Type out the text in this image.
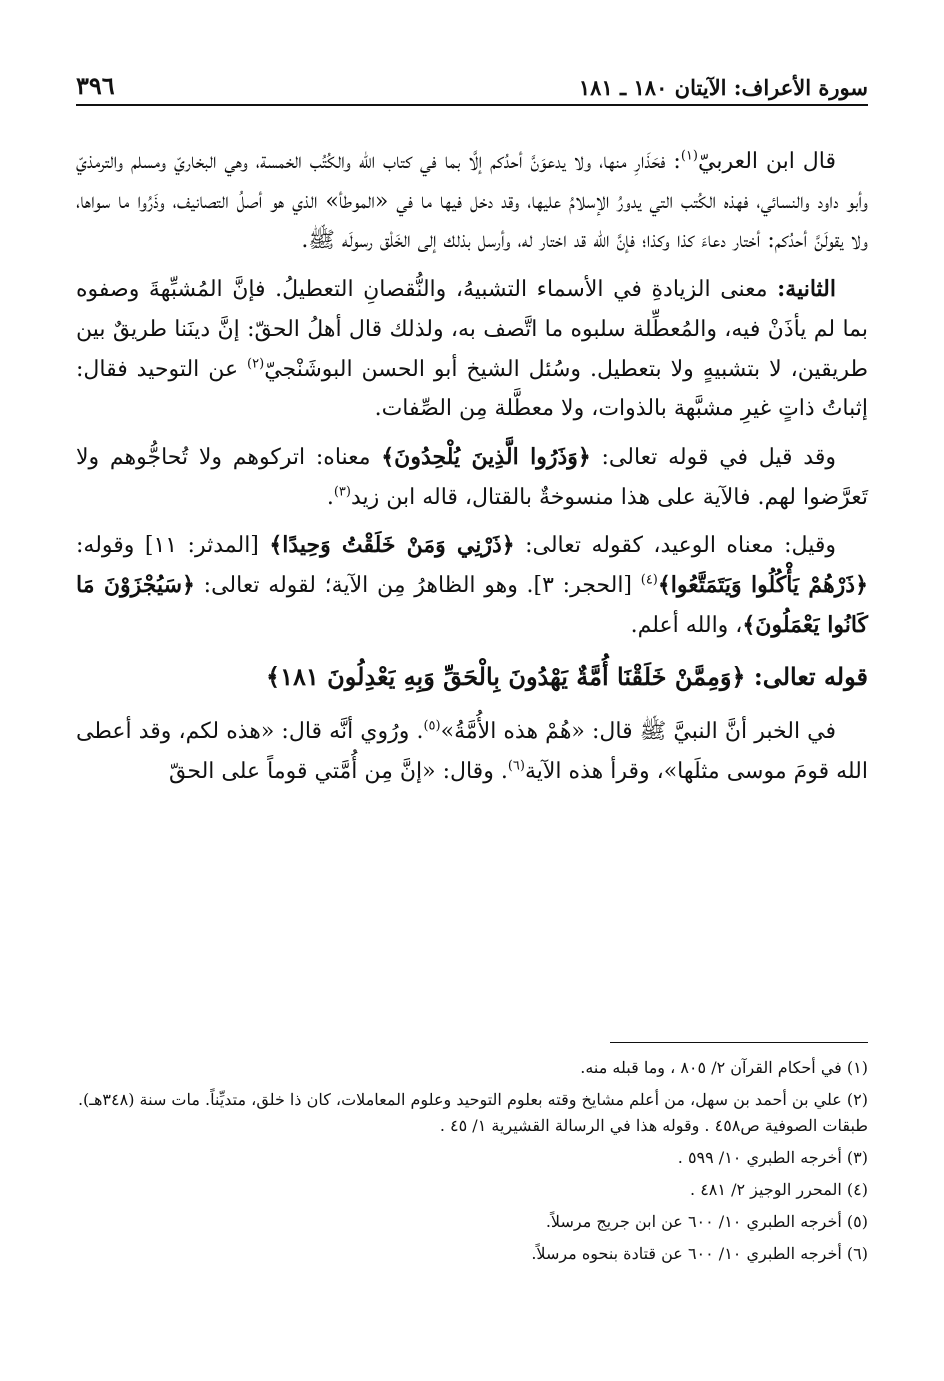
سورة الأعراف: الآيتان ١٨٠ ـ ١٨١
٣٩٦

قال ابن العربيّ$^{(١)}$: فحَذَارِ منها، ولا يدعوَنَّ أحدُكم إلَّا بما في كتاب الله والكُتُب الخمسة، وهي البخاريّ ومسلم والترمذيّ وأبو داود والنسائي، فهذه الكُتب التي يدورُ الإسلامُ عليها، وقد دخل فيها ما في «الموطأ» الذي هو أصلُ التصانيف، وذَرُوا ما سواها، ولا يقولَنَّ أحدُكم: أختار دعاءَ كذا وكذا؛ فإنَّ الله قد اختار له، وأرسل بذلك إلى الخَلْق رسولَه ﷺ.

الثانية: معنى الزيادةِ في الأسماء التشبيهُ، والنُّقصانِ التعطيلُ. فإنَّ المُشبِّهةَ وصفوه بما لم يأذَنْ فيه، والمُعطِّلة سلبوه ما اتَّصف به، ولذلك قال أهلُ الحقّ: إنَّ دينَنا طريقٌ بين طريقين، لا بتشبيهٍ ولا بتعطيل. وسُئل الشيخ أبو الحسن البوشَنْجيّ$^{(٢)}$ عن التوحيد فقال: إثباتُ ذاتٍ غيرِ مشبَّهة بالذوات، ولا معطَّلة مِن الصِّفات.

وقد قيل في قوله تعالى: ﴿وَذَرُوا الَّذِينَ يُلْحِدُونَ﴾ معناه: اتركوهم ولا تُحاجُّوهم ولا تَعرَّضوا لهم. فالآية على هذا منسوخةٌ بالقتال، قاله ابن زيد$^{(٣)}$.

وقيل: معناه الوعيد، كقوله تعالى: ﴿ذَرْنِي وَمَنْ خَلَقْتُ وَحِيدًا﴾ [المدثر: ١١] وقوله: ﴿ذَرْهُمْ يَأْكُلُوا وَيَتَمَتَّعُوا﴾$^{(٤)}$ [الحجر: ٣]. وهو الظاهرُ مِن الآية؛ لقوله تعالى: ﴿سَيُجْزَوْنَ مَا كَانُوا يَعْمَلُونَ﴾، والله أعلم.

قوله تعالى: ﴿وَمِمَّنْ خَلَقْنَا أُمَّةٌ يَهْدُونَ بِالْحَقِّ وَبِهِ يَعْدِلُونَ ١٨١﴾

في الخبر أنَّ النبيَّ ﷺ قال: «هُمْ هذه الأُمَّةُ»$^{(٥)}$. ورُوي أنَّه قال: «هذه لكم، وقد أعطى الله قومَ موسى مثلَها»، وقرأ هذه الآية$^{(٦)}$. وقال: «إنَّ مِن أُمَّتي قوماً على الحقّ

(١) في أحكام القرآن ٢/ ٨٠٥ ، وما قبله منه.
(٢) علي بن أحمد بن سهل، من أعلم مشايخ وقته بعلوم التوحيد وعلوم المعاملات، كان ذا خلق، متديِّناً. مات سنة (٣٤٨هـ). طبقات الصوفية ص٤٥٨ . وقوله هذا في الرسالة القشيرية ١/ ٤٥ .
(٣) أخرجه الطبري ١٠/ ٥٩٩ .
(٤) المحرر الوجيز ٢/ ٤٨١ .
(٥) أخرجه الطبري ١٠/ ٦٠٠ عن ابن جريج مرسلاً.
(٦) أخرجه الطبري ١٠/ ٦٠٠ عن قتادة بنحوه مرسلاً.
